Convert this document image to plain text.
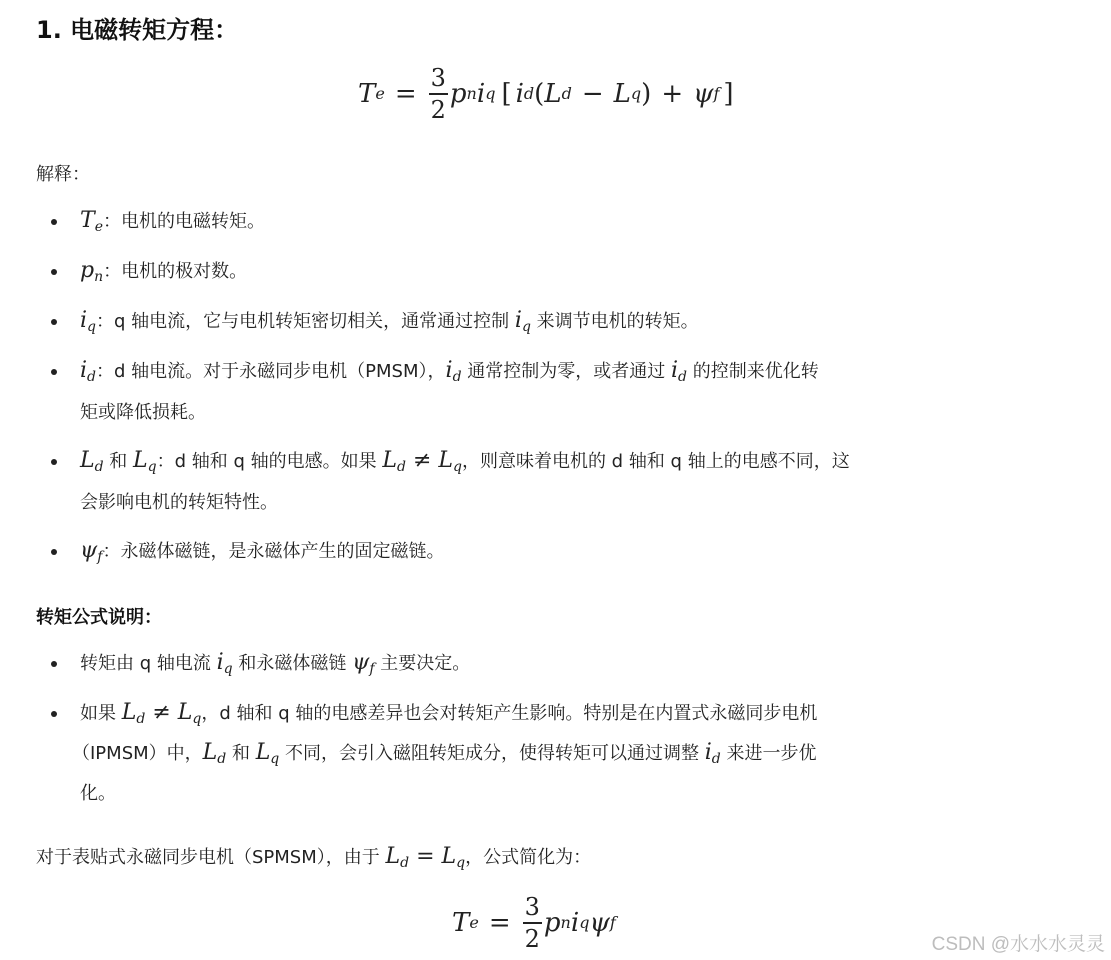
1. 电磁转矩方程：
T $e = \frac{3}{2}$ p n i q [ i d ( L d − L q ) + ψ f ]
解释：
$T_e$：电机的电磁转矩。
$p_n$：电机的极对数。
$i_q$：q 轴电流，它与电机转矩密切相关，通常通过控制 $i_q$ 来调节电机的转矩。
$i_d$：d 轴电流。对于永磁同步电机（PMSM），$i_d$ 通常控制为零，或者通过 $i_d$ 的控制来优化转
矩或降低损耗。
$L_d$ 和 $L_q$：d 轴和 q 轴的电感。如果 $L_d \ne L_q$，则意味着电机的 d 轴和 q 轴上的电感不同，这
会影响电机的转矩特性。
$\psi_f$：永磁体磁链，是永磁体产生的固定磁链。
转矩公式说明：
转矩由 q 轴电流 $i_q$ 和永磁体磁链 $\psi_f$ 主要决定。
如果 $L_d \ne L_q$，d 轴和 q 轴的电感差异也会对转矩产生影响。特别是在内置式永磁同步电机
（IPMSM）中，$L_d$ 和 $L_q$ 不同，会引入磁阻转矩成分，使得转矩可以通过调整 $i_d$ 来进一步优
化。
对于表贴式永磁同步电机（SPMSM），由于 $L_d = L_q$，公式简化为：
T $e = \frac{3}{2}$ p n i q ψ f
CSDN @水水水灵灵
